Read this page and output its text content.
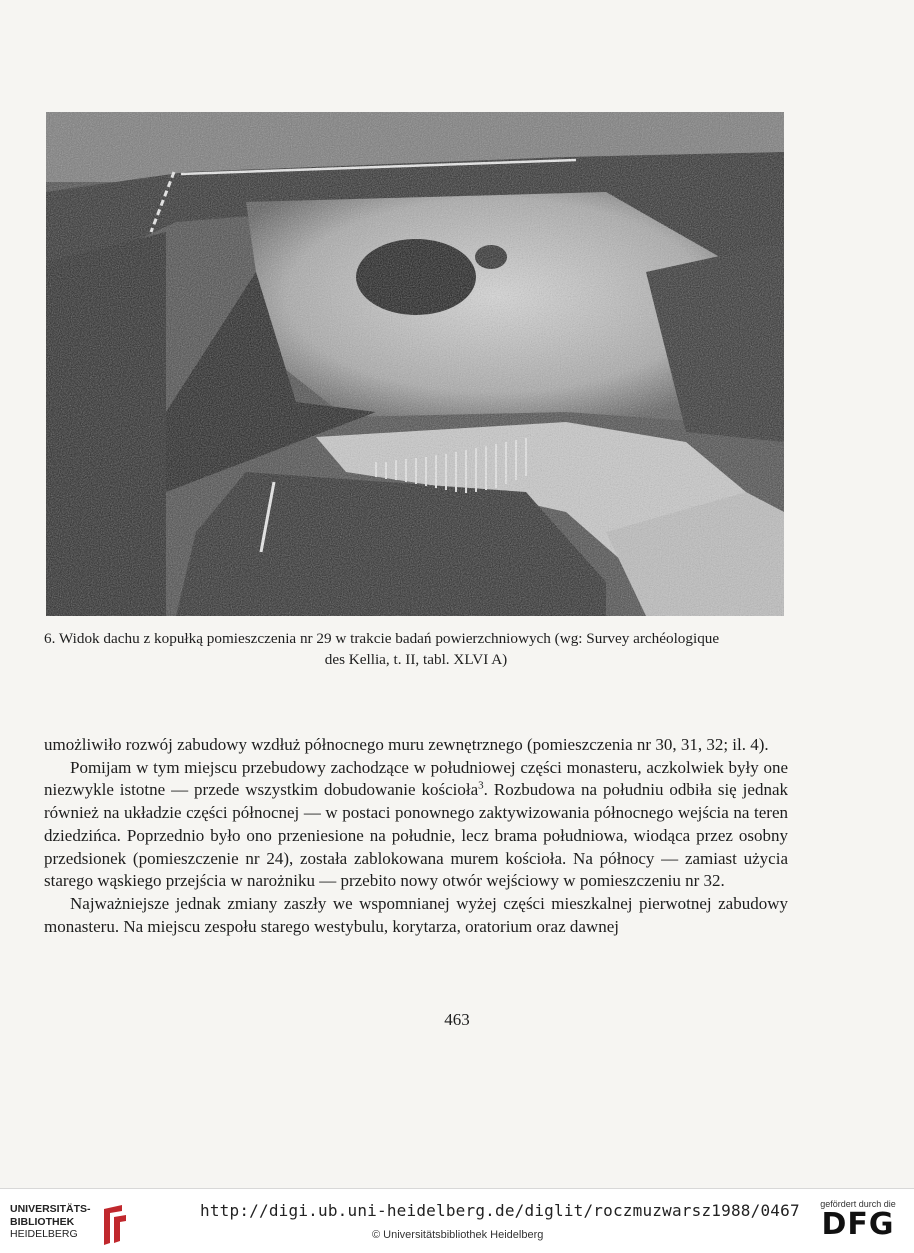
6. Widok dachu z kopułką pomieszczenia nr 29 w trakcie badań powierzchniowych (wg: Survey archéologique
des Kellia, t. II, tabl. XLVI A)

umożliwiło rozwój zabudowy wzdłuż północnego muru zewnętrznego (pomieszczenia nr 30, 31, 32; il. 4).

Pomijam w tym miejscu przebudowy zachodzące w południowej części monasteru, aczkolwiek były one niezwykle istotne — przede wszystkim dobudowanie kościoła$^3$. Rozbudowa na południu odbiła się jednak również na układzie części północnej — w postaci ponownego zaktywizowania północnego wejścia na teren dziedzińca. Poprzednio było ono przeniesione na południe, lecz brama południowa, wiodąca przez osobny przedsionek (pomieszczenie nr 24), została zablokowana murem kościoła. Na północy — zamiast użycia starego wąskiego przejścia w narożniku — przebito nowy otwór wejściowy w pomieszczeniu nr 32.

Najważniejsze jednak zmiany zaszły we wspomnianej wyżej części mieszkalnej pierwotnej zabudowy monasteru. Na miejscu zespołu starego westybulu, korytarza, oratorium oraz dawnej

463
UNIVERSITÄTS-
BIBLIOTHEK
HEIDELBERG
http://digi.ub.uni-heidelberg.de/diglit/roczmuzwarsz1988/0467
© Universitätsbibliothek Heidelberg
gefördert durch die
DFG
